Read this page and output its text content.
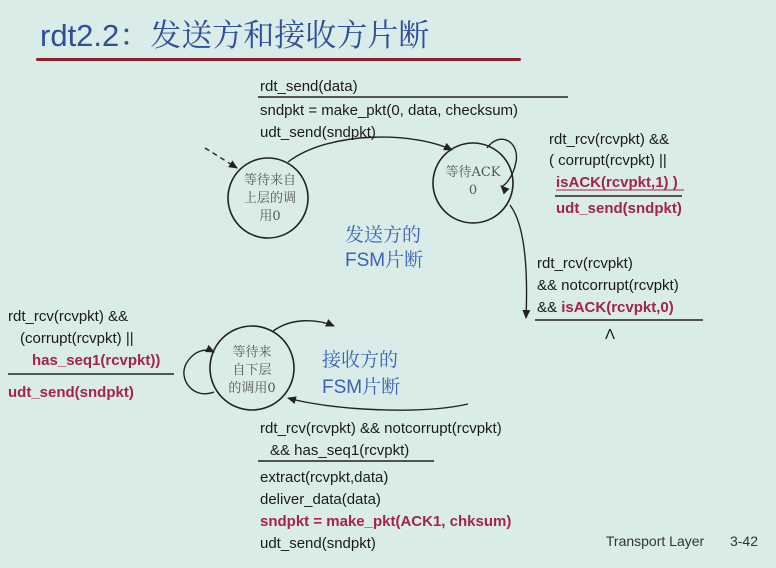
rdt2.2：发送方和接收方片断
等待来自
上层的调
用0
等待ACK
0
rdt_send(data)
sndpkt = make_pkt(0, data, checksum)
udt_send(sndpkt)	rdt_rcv(rcvpkt) &&
( corrupt(rcvpkt) ||
isACK(rcvpkt,1) )
udt_send(sndpkt)
发送方的
FSM片断	rdt_rcv(rcvpkt)
&& notcorrupt(rcvpkt)
&& isACK(rcvpkt,0)
Λ
等待来
自下层
的调用0
接收方的
FSM片断
rdt_rcv(rcvpkt) &&
(corrupt(rcvpkt) ||
has_seq1(rcvpkt))
udt_send(sndpkt)
rdt_rcv(rcvpkt) && notcorrupt(rcvpkt)
&& has_seq1(rcvpkt)
extract(rcvpkt,data)
deliver_data(data)
sndpkt = make_pkt(ACK1, chksum)
udt_send(sndpkt)	Transport Layer 3-42
